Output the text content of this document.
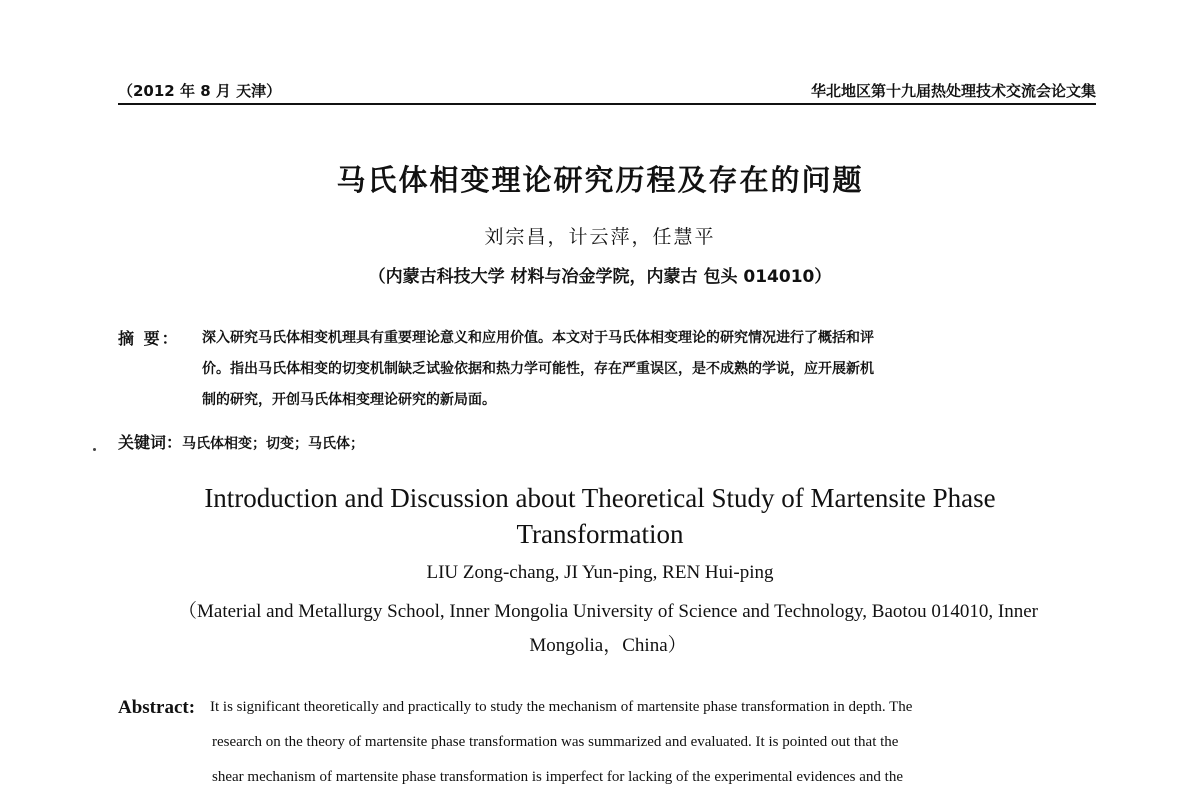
（2012 年 8 月 天津）	华北地区第十九届热处理技术交流会论文集
马氏体相变理论研究历程及存在的问题
刘宗昌，计云萍，任慧平
（内蒙古科技大学 材料与冶金学院，内蒙古 包头 014010）
摘 要： 深入研究马氏体相变机理具有重要理论意义和应用价值。本文对于马氏体相变理论的研究情况进行了概括和评
价。指出马氏体相变的切变机制缺乏试验依据和热力学可能性，存在严重误区，是不成熟的学说，应开展新机
制的研究，开创马氏体相变理论研究的新局面。
关键词：马氏体相变；切变；马氏体；
Introduction and Discussion about Theoretical Study of Martensite Phase
Transformation
LIU Zong-chang, JI Yun-ping, REN Hui-ping
（Material and Metallurgy School, Inner Mongolia University of Science and Technology, Baotou 014010, Inner
Mongolia，China）
Abstract: It is significant theoretically and practically to study the mechanism of martensite phase transformation in depth. The
research on the theory of martensite phase transformation was summarized and evaluated. It is pointed out that the
shear mechanism of martensite phase transformation is imperfect for lacking of the experimental evidences and the
